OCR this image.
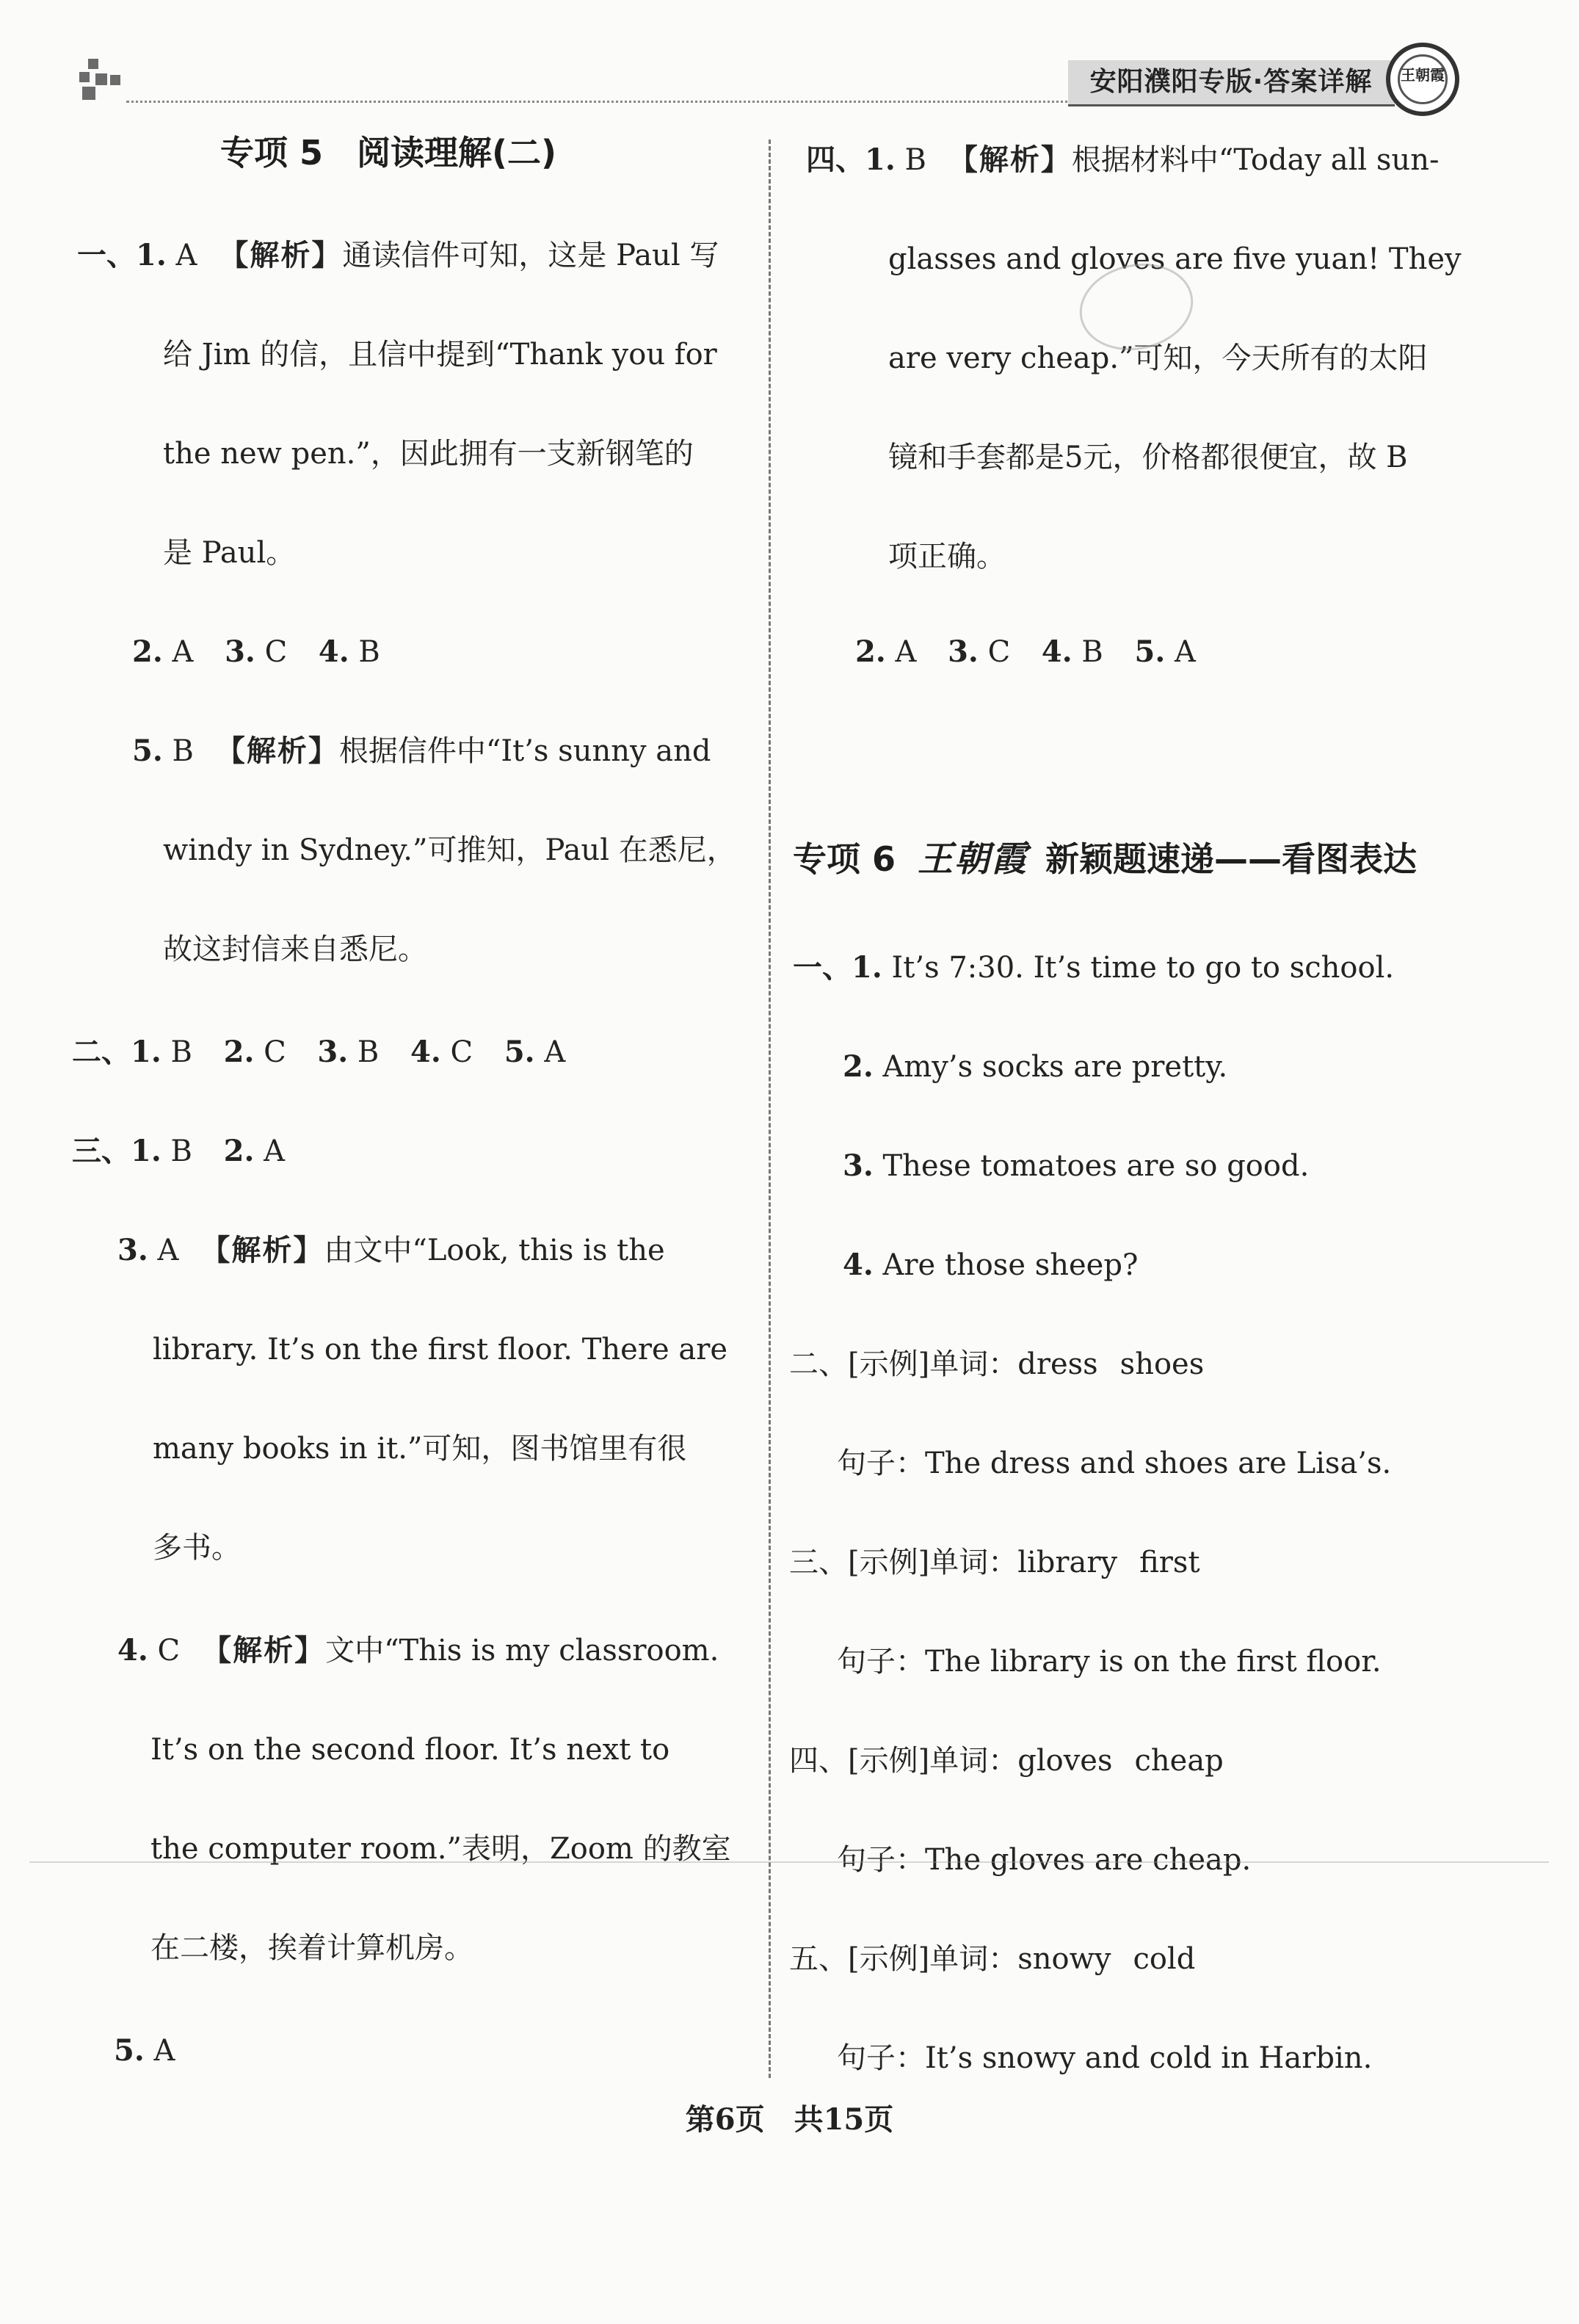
安阳濮阳专版·答案详解	王朝霞
专项 5　阅读理解(二)
一、1. A 【解析】通读信件可知，这是 Paul 写
给 Jim 的信，且信中提到“Thank you for
the new pen.”，因此拥有一支新钢笔的
是 Paul。
2. A 3. C 4. B
5. B 【解析】根据信件中“It’s sunny and
windy in Sydney.”可推知，Paul 在悉尼，
故这封信来自悉尼。
二、1. B 2. C 3. B 4. C 5. A
三、1. B 2. A
3. A 【解析】由文中“Look, this is the
library. It’s on the first floor. There are
many books in it.”可知，图书馆里有很
多书。
4. C 【解析】文中“This is my classroom.
It’s on the second floor. It’s next to
the computer room.”表明，Zoom 的教室
在二楼，挨着计算机房。
5. A
四、1. B 【解析】根据材料中“Today all sun-
glasses and gloves are five yuan! They
are very cheap.”可知，今天所有的太阳
镜和手套都是5元，价格都很便宜，故 B
项正确。
2. A 3. C 4. B 5. A
专项 6 王朝霞 新颖题速递——看图表达
一、1. It’s 7:30. It’s time to go to school.
2. Amy’s socks are pretty.
3. These tomatoes are so good.
4. Are those sheep?
二、[示例]单词：dress shoes
句子：The dress and shoes are Lisa’s.
三、[示例]单词：library first
句子：The library is on the first floor.
四、[示例]单词：gloves cheap
句子：The gloves are cheap.
五、[示例]单词：snowy cold
句子：It’s snowy and cold in Harbin.
第6页　共15页
